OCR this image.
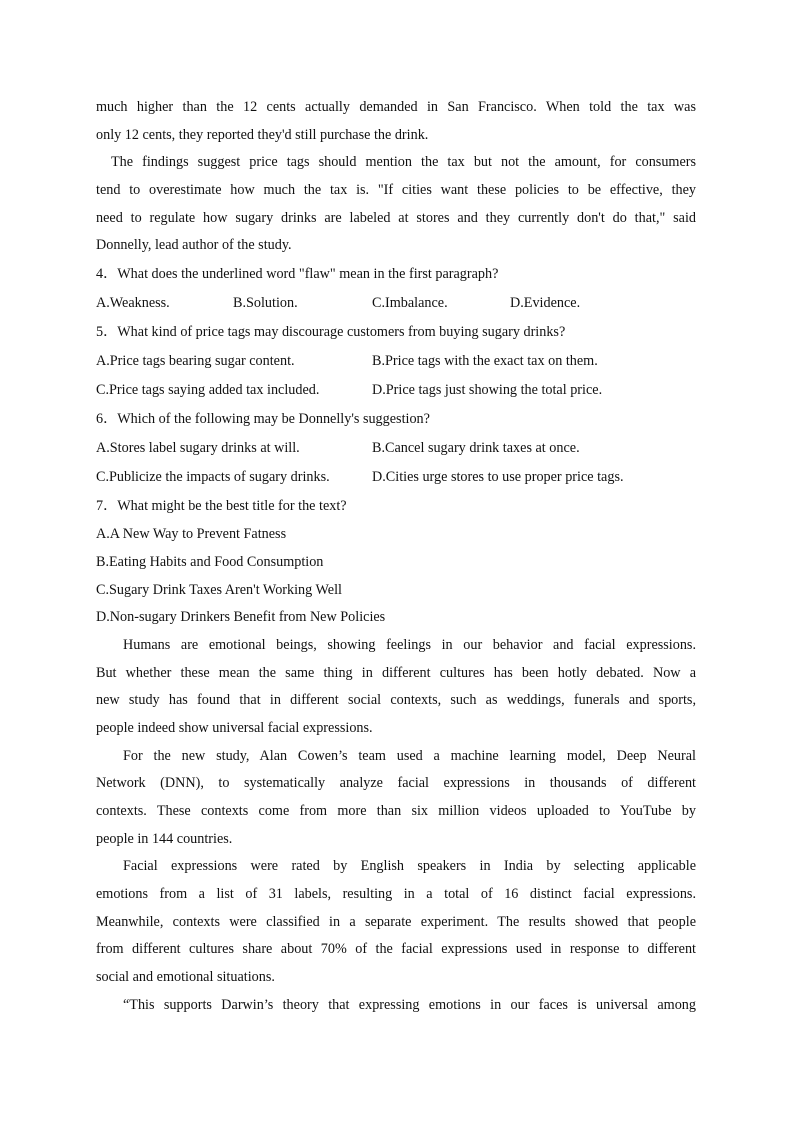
much higher than the 12 cents actually demanded in San Francisco. When told the tax was
only 12 cents, they reported they'd still purchase the drink.
The findings suggest price tags should mention the tax but not the amount, for consumers
tend to overestimate how much the tax is. "If cities want these policies to be effective, they
need to regulate how sugary drinks are labeled at stores and they currently don't do that," said
Donnelly, lead author of the study.
4．What does the underlined word "flaw" mean in the first paragraph?
A.Weakness.	B.Solution.	C.Imbalance.	D.Evidence.
5．What kind of price tags may discourage customers from buying sugary drinks?
A.Price tags bearing sugar content.	B.Price tags with the exact tax on them.
C.Price tags saying added tax included.	D.Price tags just showing the total price.
6．Which of the following may be Donnelly's suggestion?
A.Stores label sugary drinks at will.	B.Cancel sugary drink taxes at once.
C.Publicize the impacts of sugary drinks.	D.Cities urge stores to use proper price tags.
7．What might be the best title for the text?
A.A New Way to Prevent Fatness
B.Eating Habits and Food Consumption
C.Sugary Drink Taxes Aren't Working Well
D.Non-sugary Drinkers Benefit from New Policies
Humans are emotional beings, showing feelings in our behavior and facial expressions.
But whether these mean the same thing in different cultures has been hotly debated. Now a
new study has found that in different social contexts, such as weddings, funerals and sports,
people indeed show universal facial expressions.
For the new study, Alan Cowen’s team used a machine learning model, Deep Neural
Network (DNN), to systematically analyze facial expressions in thousands of different
contexts. These contexts come from more than six million videos uploaded to YouTube by
people in 144 countries.
Facial expressions were rated by English speakers in India by selecting applicable
emotions from a list of 31 labels, resulting in a total of 16 distinct facial expressions.
Meanwhile, contexts were classified in a separate experiment. The results showed that people
from different cultures share about 70% of the facial expressions used in response to different
social and emotional situations.
“This supports Darwin’s theory that expressing emotions in our faces is universal among
